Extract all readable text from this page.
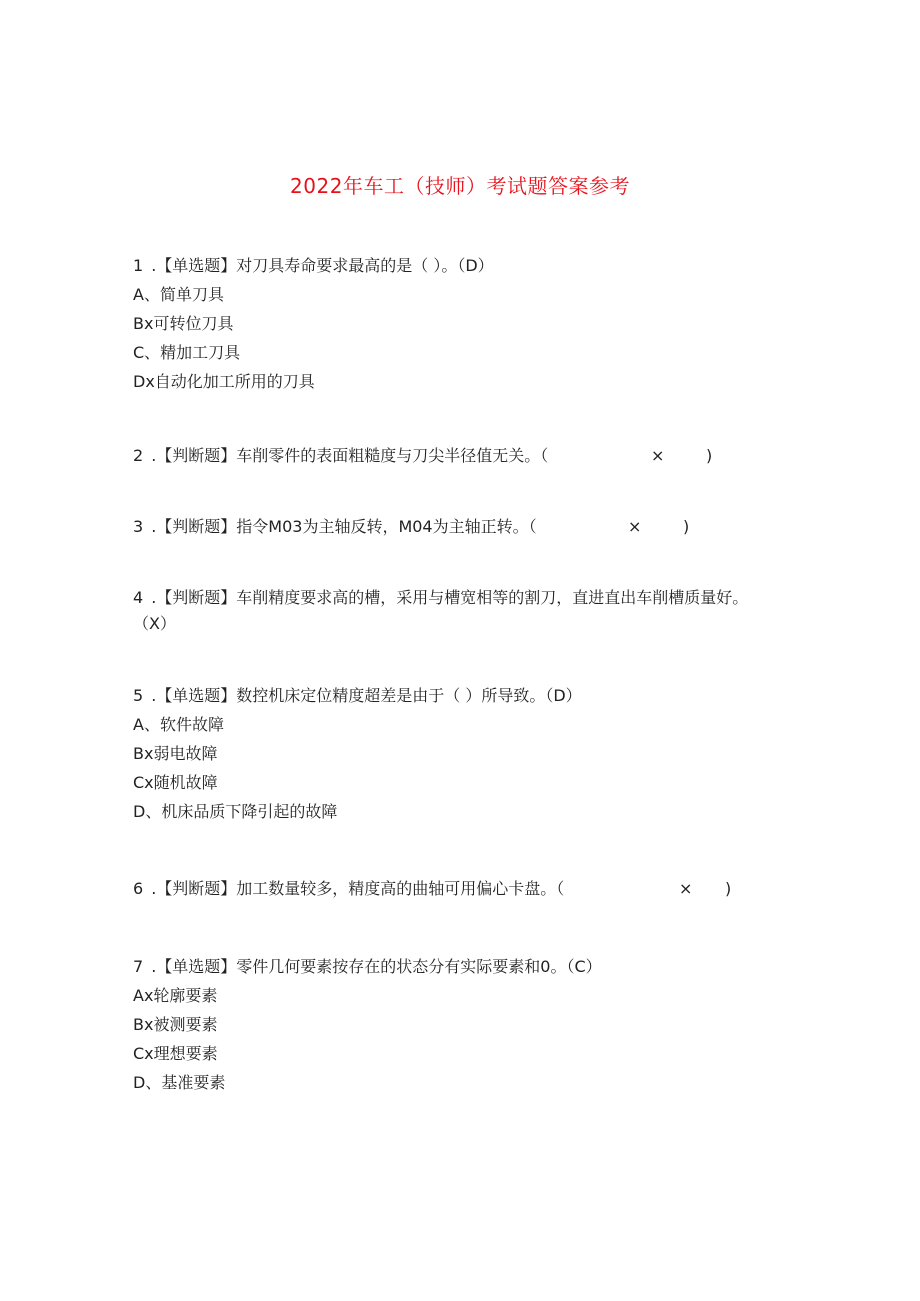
2022年车工（技师）考试题答案参考
1 .【单选题】对刀具寿命要求最高的是（ ）。（D）
A、简单刀具
Bx可转位刀具
C、精加工刀具
Dx自动化加工所用的刀具
2 .【判断题】车削零件的表面粗糙度与刀尖半径值无关。（	×	)
3 .【判断题】指令M03为主轴反转，M04为主轴正转。（	×	)
4 .【判断题】车削精度要求高的槽，采用与槽宽相等的割刀，直进直出车削槽质量好。（X）
5 .【单选题】数控机床定位精度超差是由于（ ）所导致。（D）
A、软件故障
Bx弱电故障
Cx随机故障
D、机床品质下降引起的故障
6 .【判断题】加工数量较多，精度高的曲轴可用偏心卡盘。（	× )
7 .【单选题】零件几何要素按存在的状态分有实际要素和0。（C）
Ax轮廓要素
Bx被测要素
Cx理想要素
D、基准要素
